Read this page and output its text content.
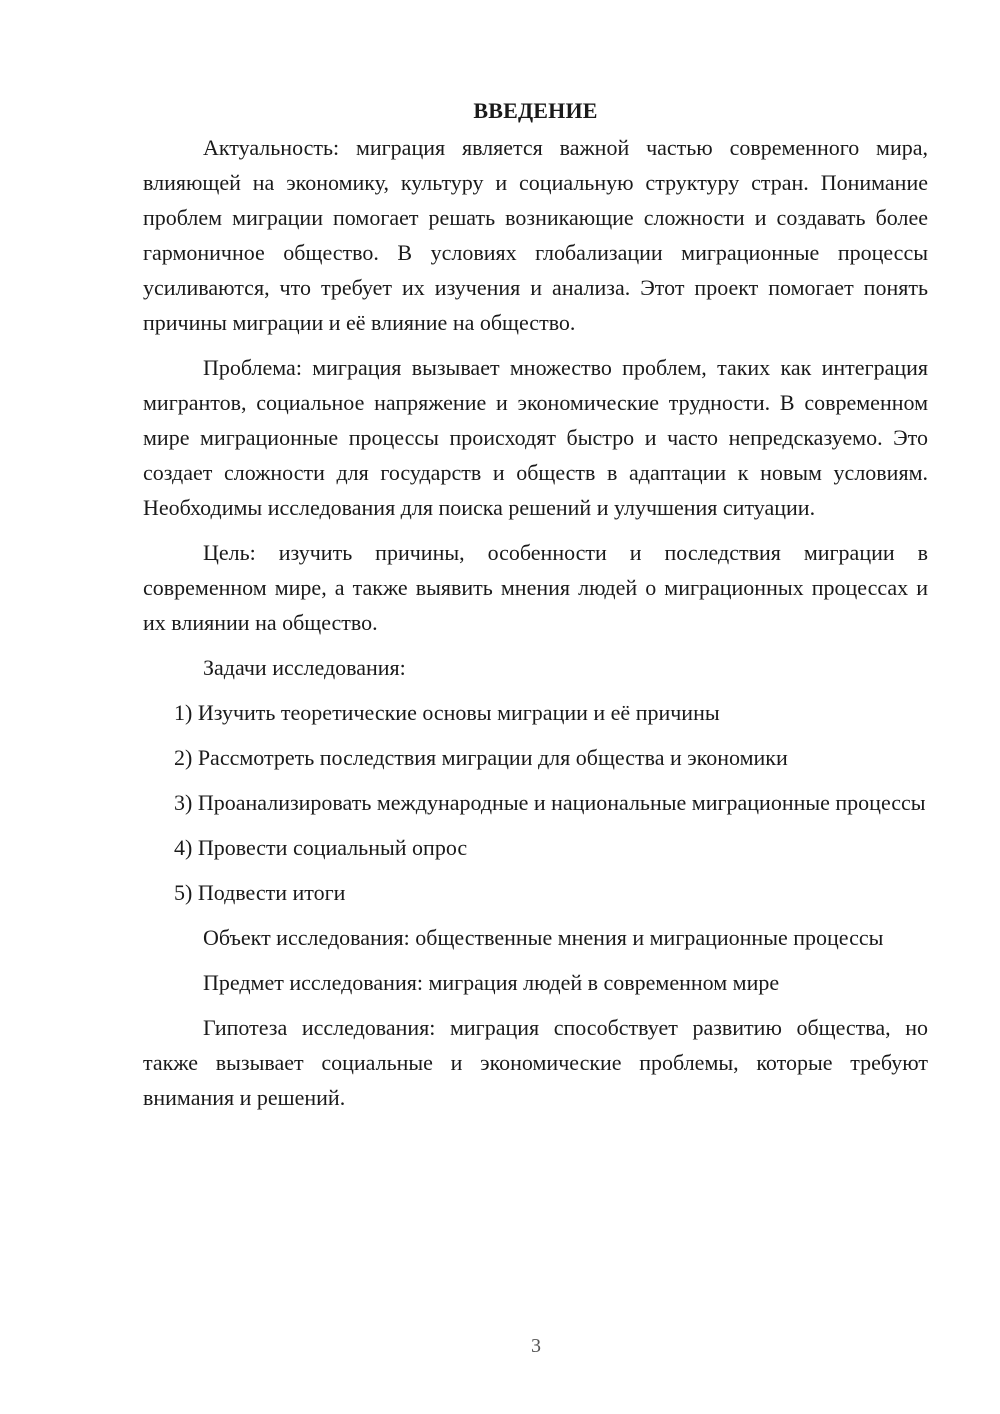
ВВЕДЕНИЕ

Актуальность: миграция является важной частью современного мира, влияющей на экономику, культуру и социальную структуру стран. Понимание проблем миграции помогает решать возникающие сложности и создавать более гармоничное общество. В условиях глобализации миграционные процессы усиливаются, что требует их изучения и анализа. Этот проект помогает понять причины миграции и её влияние на общество.

Проблема: миграция вызывает множество проблем, таких как интеграция мигрантов, социальное напряжение и экономические трудности. В современном мире миграционные процессы происходят быстро и часто непредсказуемо. Это создает сложности для государств и обществ в адаптации к новым условиям. Необходимы исследования для поиска решений и улучшения ситуации.

Цель: изучить причины, особенности и последствия миграции в современном мире, а также выявить мнения людей о миграционных процессах и их влиянии на общество.

Задачи исследования:

1) Изучить теоретические основы миграции и её причины

2) Рассмотреть последствия миграции для общества и экономики

3) Проанализировать международные и национальные миграционные процессы

4) Провести социальный опрос

5) Подвести итоги

Объект исследования: общественные мнения и миграционные процессы

Предмет исследования: миграция людей в современном мире

Гипотеза исследования: миграция способствует развитию общества, но также вызывает социальные и экономические проблемы, которые требуют внимания и решений.

3
